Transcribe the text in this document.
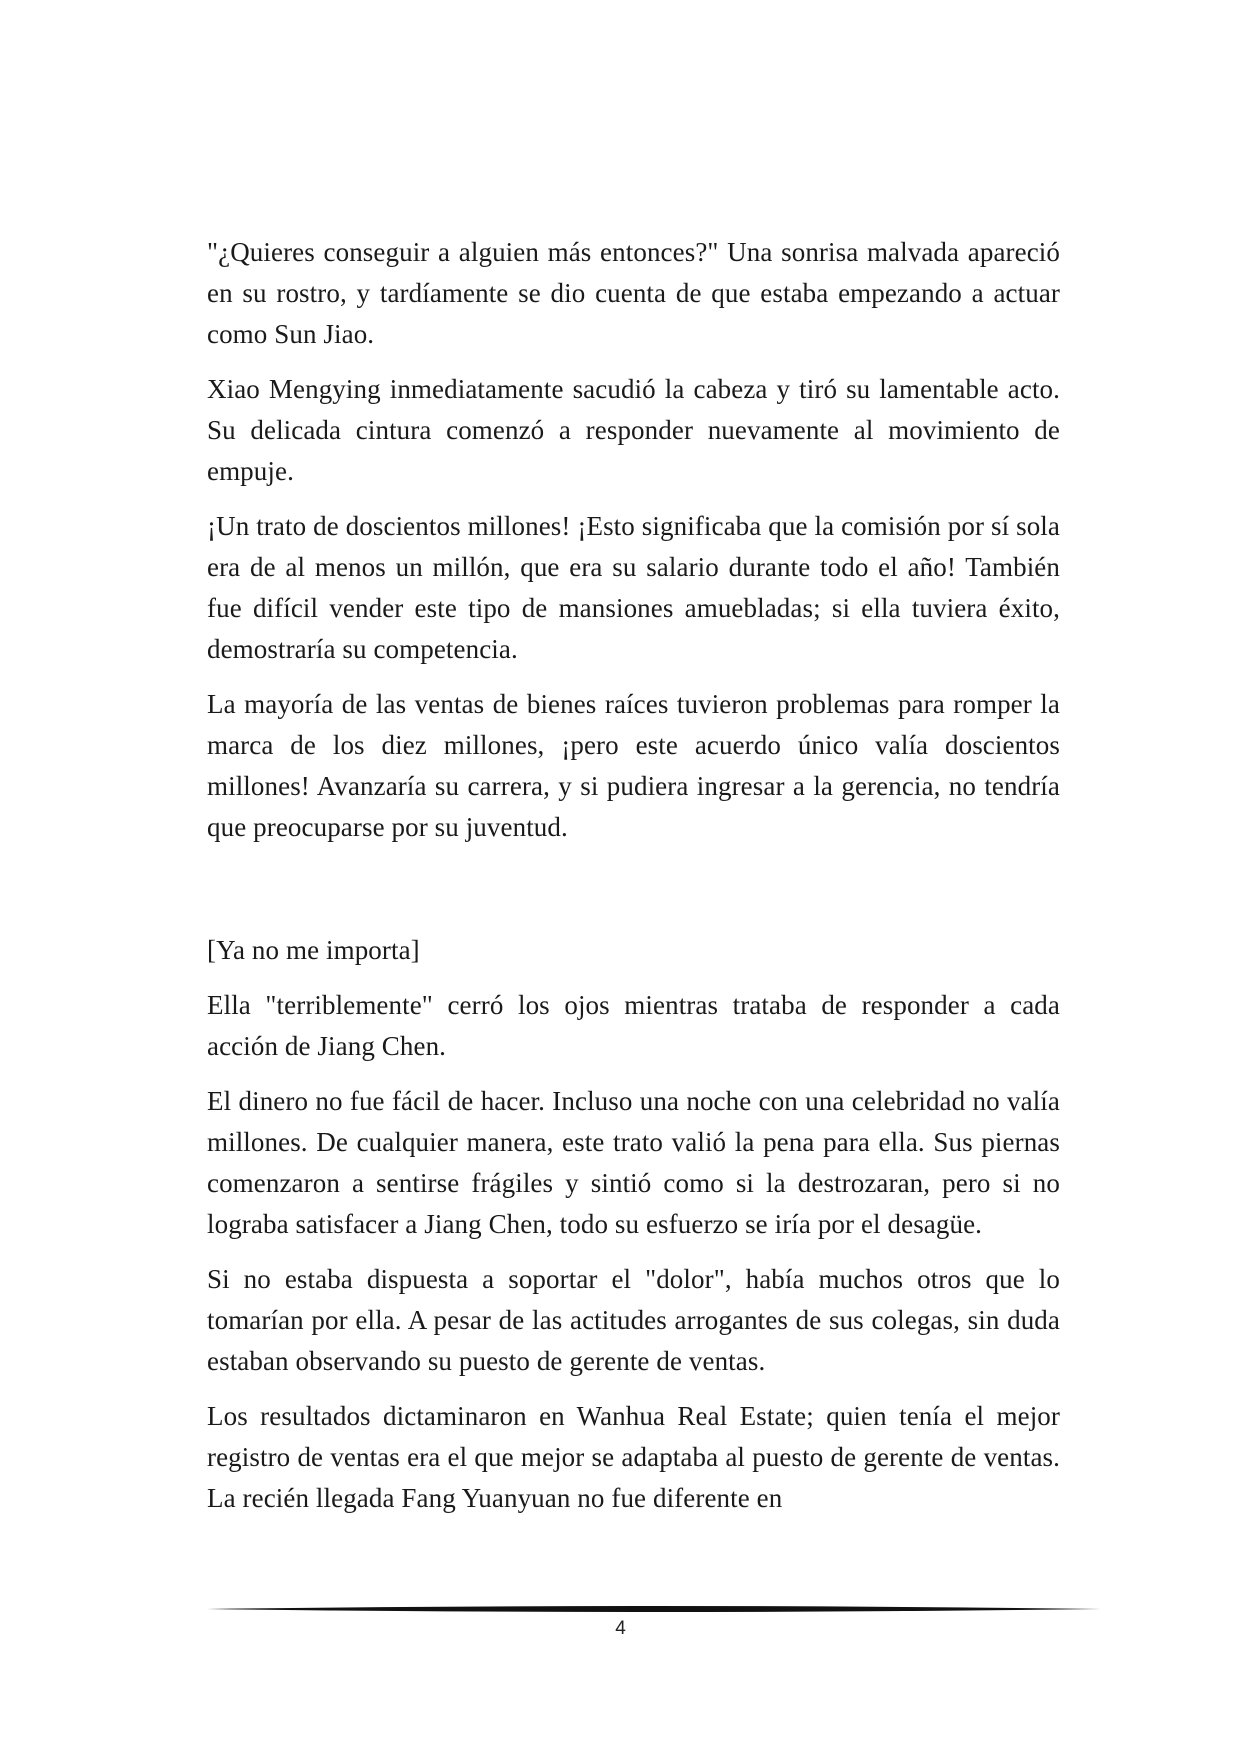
"¿Quieres conseguir a alguien más entonces?" Una sonrisa malvada apareció en su rostro, y tardíamente se dio cuenta de que estaba empezando a actuar como Sun Jiao.

Xiao Mengying inmediatamente sacudió la cabeza y tiró su lamentable acto. Su delicada cintura comenzó a responder nuevamente al movimiento de empuje.

¡Un trato de doscientos millones! ¡Esto significaba que la comisión por sí sola era de al menos un millón, que era su salario durante todo el año! También fue difícil vender este tipo de mansiones amuebladas; si ella tuviera éxito, demostraría su competencia.

La mayoría de las ventas de bienes raíces tuvieron problemas para romper la marca de los diez millones, ¡pero este acuerdo único valía doscientos millones! Avanzaría su carrera, y si pudiera ingresar a la gerencia, no tendría que preocuparse por su juventud.

[Ya no me importa]

Ella "terriblemente" cerró los ojos mientras trataba de responder a cada acción de Jiang Chen.

El dinero no fue fácil de hacer. Incluso una noche con una celebridad no valía millones. De cualquier manera, este trato valió la pena para ella. Sus piernas comenzaron a sentirse frágiles y sintió como si la destrozaran, pero si no lograba satisfacer a Jiang Chen, todo su esfuerzo se iría por el desagüe.

Si no estaba dispuesta a soportar el "dolor", había muchos otros que lo tomarían por ella. A pesar de las actitudes arrogantes de sus colegas, sin duda estaban observando su puesto de gerente de ventas.

Los resultados dictaminaron en Wanhua Real Estate; quien tenía el mejor registro de ventas era el que mejor se adaptaba al puesto de gerente de ventas. La recién llegada Fang Yuanyuan no fue diferente en

4
